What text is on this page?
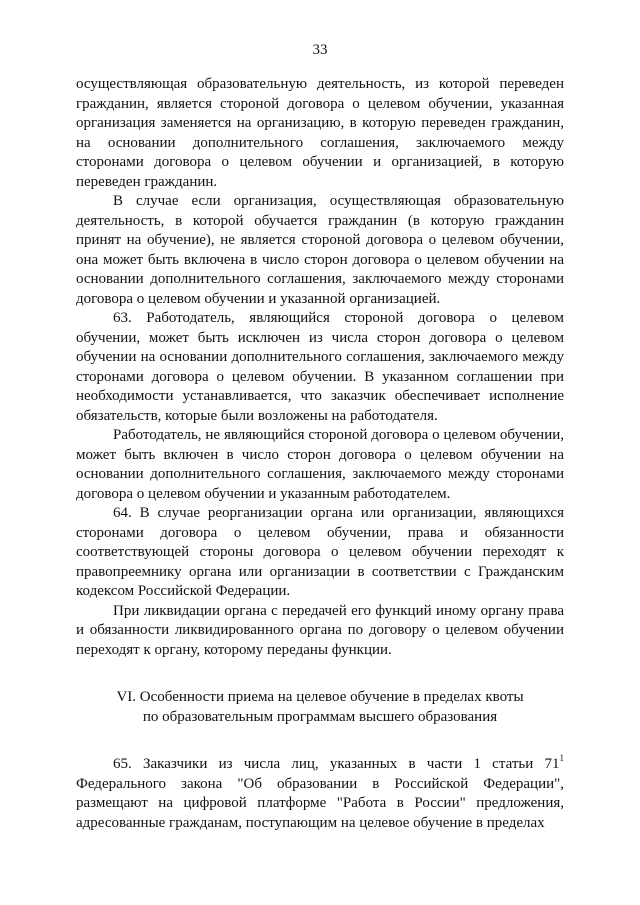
33

осуществляющая образовательную деятельность, из которой переведен гражданин, является стороной договора о целевом обучении, указанная организация заменяется на организацию, в которую переведен гражданин, на основании дополнительного соглашения, заключаемого между сторонами договора о целевом обучении и организацией, в которую переведен гражданин.

В случае если организация, осуществляющая образовательную деятельность, в которой обучается гражданин (в которую гражданин принят на обучение), не является стороной договора о целевом обучении, она может быть включена в число сторон договора о целевом обучении на основании дополнительного соглашения, заключаемого между сторонами договора о целевом обучении и указанной организацией.

63. Работодатель, являющийся стороной договора о целевом обучении, может быть исключен из числа сторон договора о целевом обучении на основании дополнительного соглашения, заключаемого между сторонами договора о целевом обучении. В указанном соглашении при необходимости устанавливается, что заказчик обеспечивает исполнение обязательств, которые были возложены на работодателя.

Работодатель, не являющийся стороной договора о целевом обучении, может быть включен в число сторон договора о целевом обучении на основании дополнительного соглашения, заключаемого между сторонами договора о целевом обучении и указанным работодателем.

64. В случае реорганизации органа или организации, являющихся сторонами договора о целевом обучении, права и обязанности соответствующей стороны договора о целевом обучении переходят к правопреемнику органа или организации в соответствии с Гражданским кодексом Российской Федерации.

При ликвидации органа с передачей его функций иному органу права и обязанности ликвидированного органа по договору о целевом обучении переходят к органу, которому переданы функции.

VI. Особенности приема на целевое обучение в пределах квоты
по образовательным программам высшего образования

65. Заказчики из числа лиц, указанных в части 1 статьи $71^1$ Федерального закона "Об образовании в Российской Федерации", размещают на цифровой платформе "Работа в России" предложения, адресованные гражданам, поступающим на целевое обучение в пределах
